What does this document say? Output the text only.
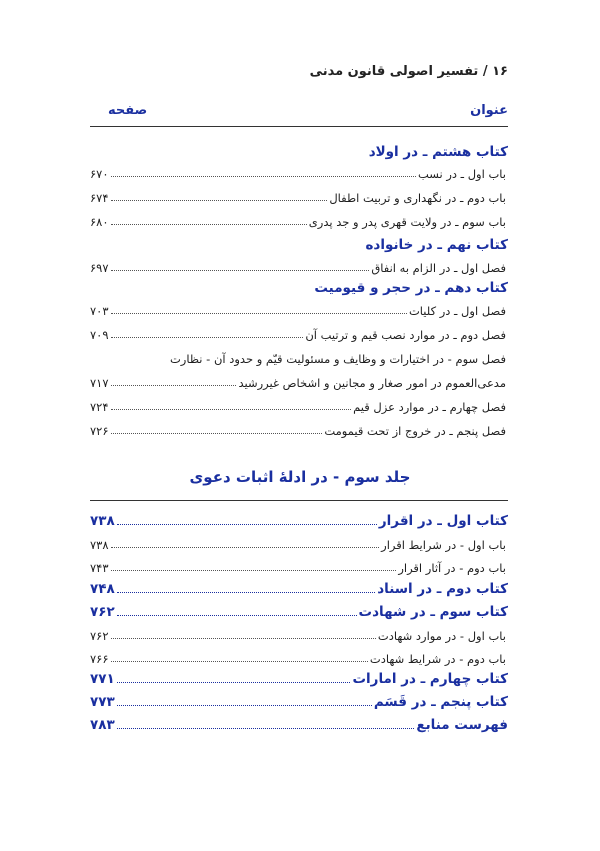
۱۶ / تفسیر اصولی قانون مدنی
عنوان
صفحه
کتاب هشتم ـ در اولاد
باب اول ـ در نسب
۶۷۰
باب دوم ـ در نگهداری و تربیت اطفال
۶۷۴
باب سوم ـ در ولایت قهری پدر و جد پدری
۶۸۰
کتاب نهم ـ در خانواده
فصل اول ـ در الزام به انفاق
۶۹۷
کتاب دهم ـ در حجر و قیومیت
فصل اول ـ در کلیات
۷۰۳
فصل دوم ـ در موارد نصب قیم و ترتیب آن
۷۰۹
فصل سوم - در اختیارات و وظایف و مسئولیت قیّم و حدود آن - نظارت
مدعی‌العموم در امور صغار و مجانین و اشخاص غیررشید
۷۱۷
فصل چهارم ـ در موارد عزل قیم
۷۲۴
فصل پنجم ـ در خروج از تحت قیمومت
۷۲۶
جلد سوم - در ادلهٔ اثبات دعوی
کتاب اول ـ در اقرار
۷۳۸
باب اول - در شرایط اقرار
۷۳۸
باب دوم - در آثار اقرار
۷۴۳
کتاب دوم ـ در اسناد
۷۴۸
کتاب سوم ـ در شهادت
۷۶۲
باب اول - در موارد شهادت
۷۶۲
باب دوم - در شرایط شهادت
۷۶۶
کتاب چهارم ـ در امارات
۷۷۱
کتاب پنجم ـ در قَسَم
۷۷۳
فهرست منابع
۷۸۳
